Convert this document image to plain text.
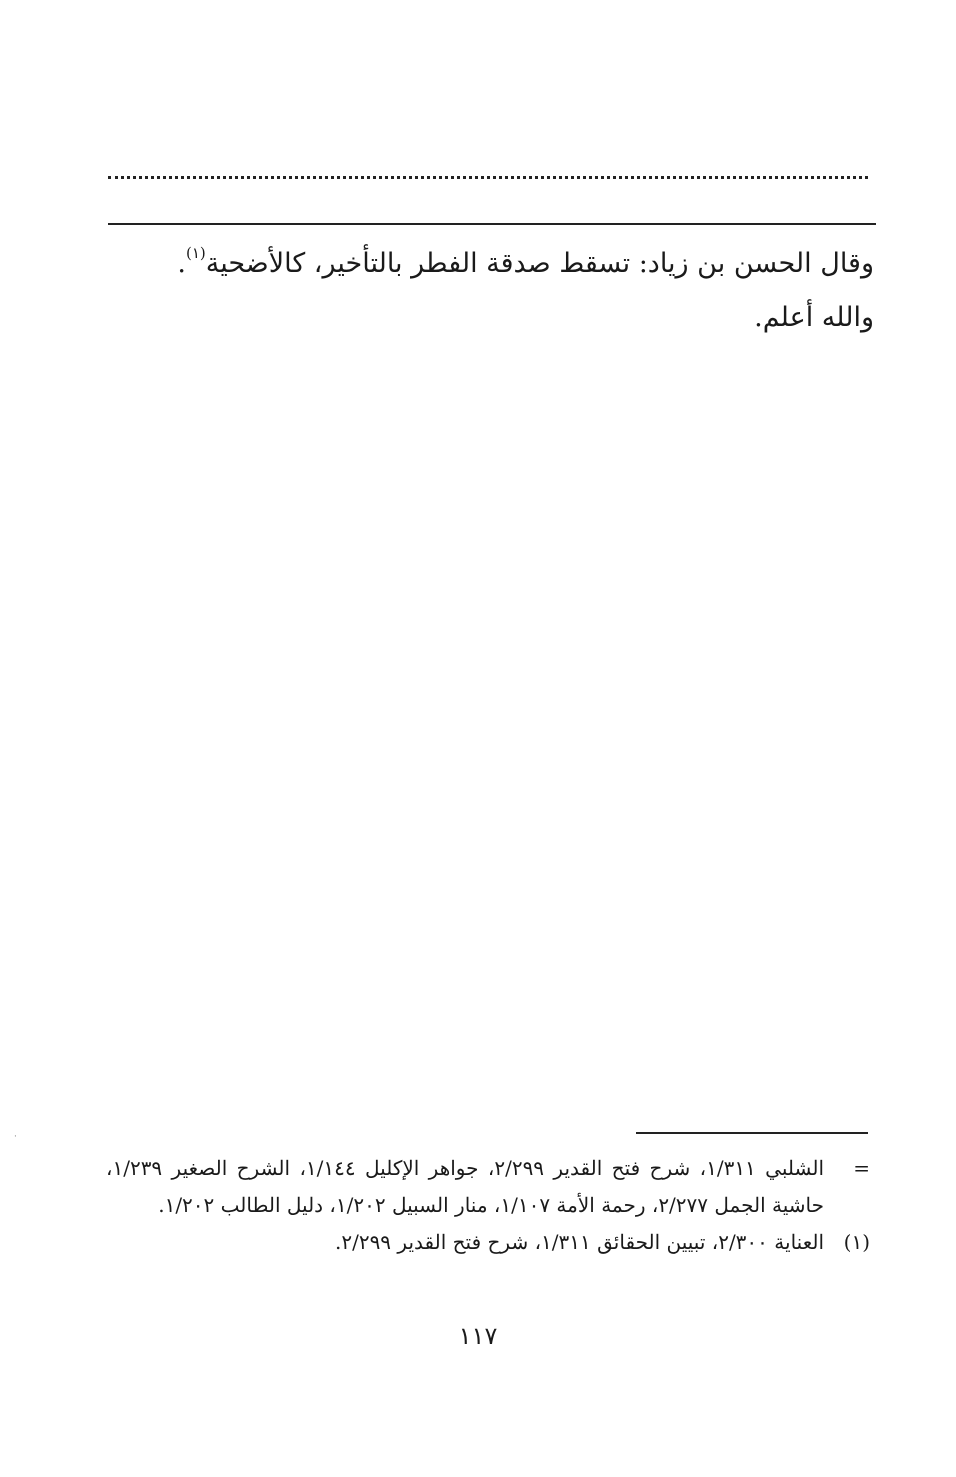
وقال الحسن بن زياد: تسقط صدقة الفطر بالتأخير، كالأضحية$^{(١)}$.
والله أعلم.
=
الشلبي ١/٣١١، شرح فتح القدير ٢/٢٩٩، جواهر الإكليل ١/١٤٤، الشرح الصغير ١/٢٣٩، حاشية الجمل ٢/٢٧٧، رحمة الأمة ١/١٠٧، منار السبيل ١/٢٠٢، دليل الطالب ١/٢٠٢.
(١)
العناية ٢/٣٠٠، تبيين الحقائق ١/٣١١، شرح فتح القدير ٢/٢٩٩.
١١٧
·
